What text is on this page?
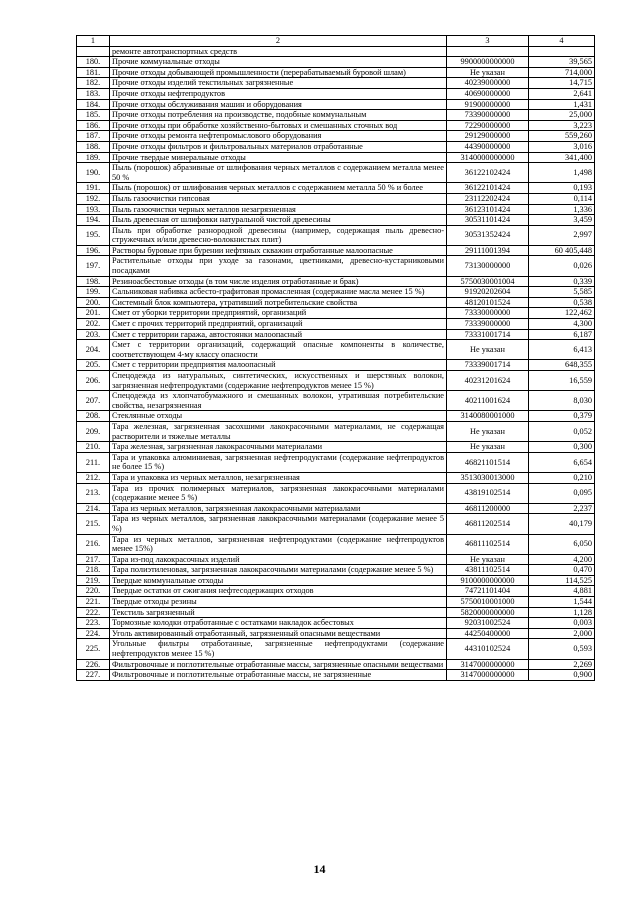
1	2	3	4
	ремонте автотранспортных средств		
180.	Прочие коммунальные отходы	9900000000000	39,565
181.	Прочие отходы добывающей промышленности (перерабатываемый буровой шлам)	Не указан	714,000
182.	Прочие отходы изделий текстильных загрязненные	40239000000	14,715
183.	Прочие отходы нефтепродуктов	40690000000	2,641
184.	Прочие отходы обслуживания машин и оборудования	91900000000	1,431
185.	Прочие отходы потребления на производстве, подобные коммунальным	73390000000	25,000
186.	Прочие отходы при обработке хозяйственно-бытовых и смешанных сточных вод	72290000000	3,223
187.	Прочие отходы ремонта нефтепромыслового оборудования	29129000000	559,260
188.	Прочие отходы фильтров и фильтровальных материалов отработанные	44390000000	3,016
189.	Прочие твердые минеральные отходы	3140000000000	341,400
190.	Пыль (порошок) абразивные от шлифования черных металлов с содержанием металла менее 50 %	36122102424	1,498
191.	Пыль (порошок) от шлифования черных металлов с содержанием металла 50 % и более	36122101424	0,193
192.	Пыль газоочистки гипсовая	23112202424	0,114
193.	Пыль газоочистки черных металлов незагрязненная	36123101424	1,336
194.	Пыль древесная от шлифовки натуральной чистой древесины	30531101424	3,459
195.	Пыль при обработке разнородной древесины (например, содержащая пыль древесно-стружечных и/или древесно-волокнистых плит)	30531352424	2,997
196.	Растворы буровые при бурении нефтяных скважин отработанные малоопасные	29111001394	60 405,448
197.	Растительные отходы при уходе за газонами, цветниками, древесно-кустарниковыми посадками	73130000000	0,026
198.	Резиноасбестовые отходы (в том числе изделия отработанные и брак)	5750030001004	0,339
199.	Сальниковая набивка асбесто-графитовая промасленная (содержание масла менее 15 %)	91920202604	5,585
200.	Системный блок компьютера, утративший потребительские свойства	48120101524	0,538
201.	Смет от уборки территории предприятий, организаций	73330000000	122,462
202.	Смет с прочих территорий предприятий, организаций	73339000000	4,300
203.	Смет с территории гаража, автостоянки малоопасный	73331001714	6,187
204.	Смет с территории организаций, содержащий опасные компоненты в количестве, соответствующем 4-му классу опасности	Не указан	6,413
205.	Смет с территории предприятия малоопасный	73339001714	648,355
206.	Спецодежда из натуральных, синтетических, искусственных и шерстяных волокон, загрязненная нефтепродуктами (содержание нефтепродуктов менее 15 %)	40231201624	16,559
207.	Спецодежда из хлопчатобумажного и смешанных волокон, утратившая потребительские свойства, незагрязненная	40211001624	8,030
208.	Стеклянные отходы	3140080001000	0,379
209.	Тара железная, загрязненная засохшими лакокрасочными материалами, не содержащая растворители и тяжелые металлы	Не указан	0,052
210.	Тара железная, загрязненная лакокрасочными материалами	Не указан	0,300
211.	Тара и упаковка алюминиевая, загрязненная нефтепродуктами (содержание нефтепродуктов не более 15 %)	46821101514	6,654
212.	Тара и упаковка из черных металлов, незагрязненная	3513030013000	0,210
213.	Тара из прочих полимерных материалов, загрязненная лакокрасочными материалами (содержание менее 5 %)	43819102514	0,095
214.	Тара из черных металлов, загрязненная лакокрасочными материалами	46811200000	2,237
215.	Тара из черных металлов, загрязненная лакокрасочными материалами (содержание менее 5 %)	46811202514	40,179
216.	Тара из черных металлов, загрязненная нефтепродуктами (содержание нефтепродуктов менее 15%)	46811102514	6,050
217.	Тара из-под лакокрасочных изделий	Не указан	4,200
218.	Тара полиэтиленовая, загрязненная лакокрасочными материалами (содержание менее 5 %)	43811102514	0,470
219.	Твердые коммунальные отходы	9100000000000	114,525
220.	Твердые остатки от сжигания нефтесодержащих отходов	74721101404	4,881
221.	Твердые отходы резины	5750010001000	1,544
222.	Текстиль загрязненный	5820000000000	1,128
223.	Тормозные колодки отработанные с остатками накладок асбестовых	92031002524	0,003
224.	Уголь активированный отработанный, загрязненный опасными веществами	44250400000	2,000
225.	Угольные фильтры отработанные, загрязненные нефтепродуктами (содержание нефтепродуктов менее 15 %)	44310102524	0,593
226.	Фильтровочные и поглотительные отработанные массы, загрязненные опасными веществами	3147000000000	2,269
227.	Фильтровочные и поглотительные отработанные массы, не загрязненные	3147000000000	0,900
14
